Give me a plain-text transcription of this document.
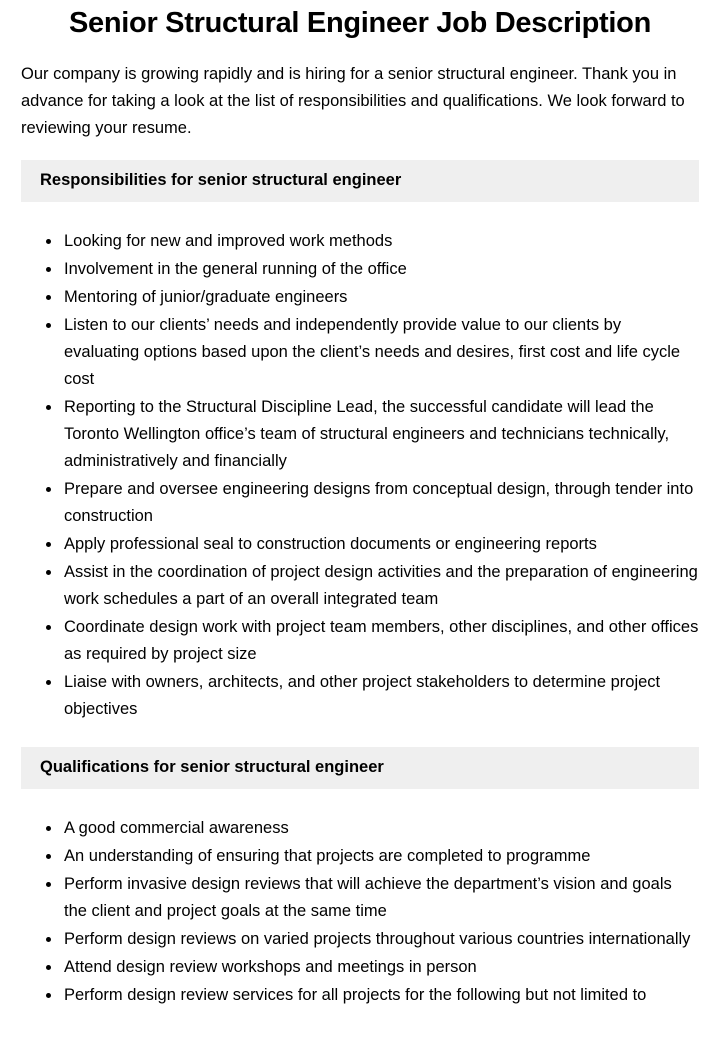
Senior Structural Engineer Job Description

Our company is growing rapidly and is hiring for a senior structural engineer. Thank you in advance for taking a look at the list of responsibilities and qualifications. We look forward to reviewing your resume.

Responsibilities for senior structural engineer
• Looking for new and improved work methods
• Involvement in the general running of the office
• Mentoring of junior/graduate engineers
• Listen to our clients’ needs and independently provide value to our clients by evaluating options based upon the client’s needs and desires, first cost and life cycle cost
• Reporting to the Structural Discipline Lead, the successful candidate will lead the Toronto Wellington office’s team of structural engineers and technicians technically, administratively and financially
• Prepare and oversee engineering designs from conceptual design, through tender into construction
• Apply professional seal to construction documents or engineering reports
• Assist in the coordination of project design activities and the preparation of engineering work schedules a part of an overall integrated team
• Coordinate design work with project team members, other disciplines, and other offices as required by project size
• Liaise with owners, architects, and other project stakeholders to determine project objectives
Qualifications for senior structural engineer
• A good commercial awareness
• An understanding of ensuring that projects are completed to programme
• Perform invasive design reviews that will achieve the department’s vision and goals the client and project goals at the same time
• Perform design reviews on varied projects throughout various countries internationally
• Attend design review workshops and meetings in person
• Perform design review services for all projects for the following but not limited to
